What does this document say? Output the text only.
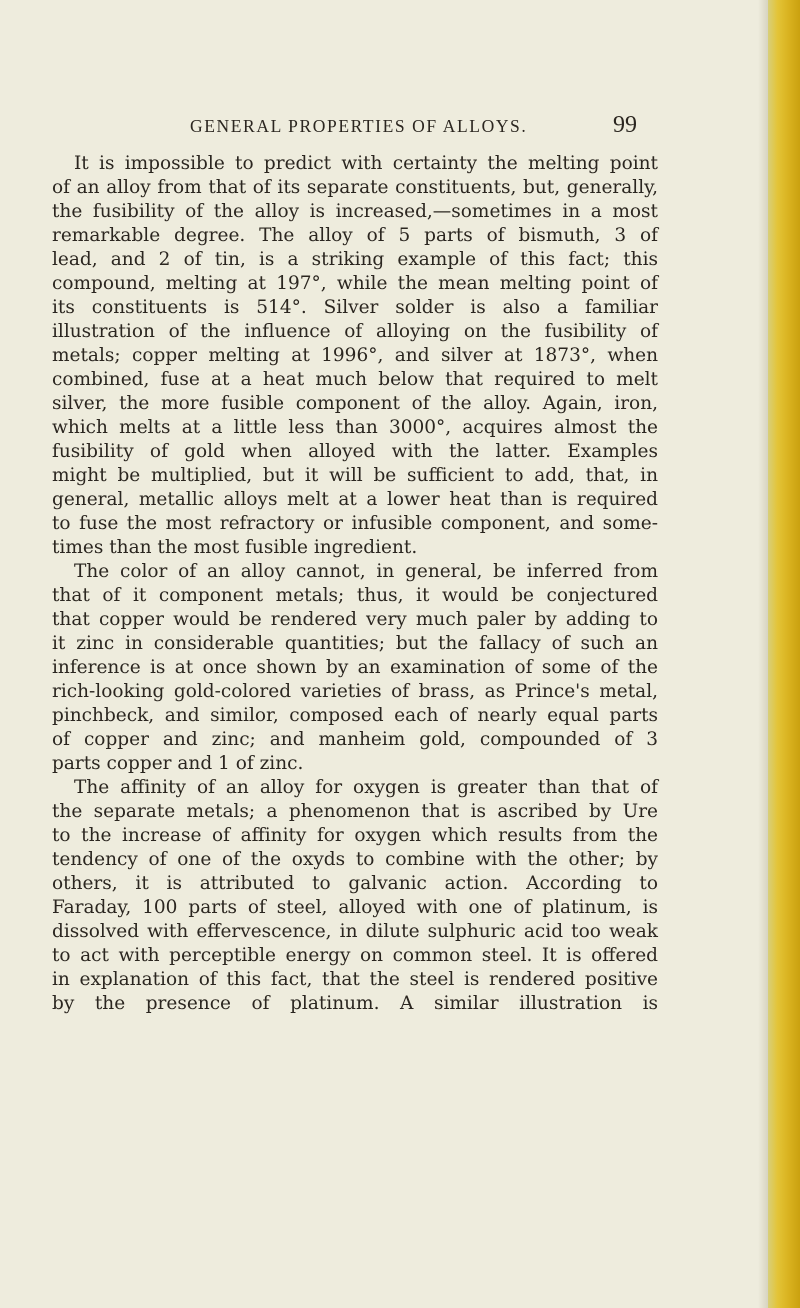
GENERAL PROPERTIES OF ALLOYS.	99
It is impossible to predict with certainty the melting point
of an alloy from that of its separate constituents, but, generally,
the fusibility of the alloy is increased,—sometimes in a most
remarkable degree. The alloy of 5 parts of bismuth, 3 of
lead, and 2 of tin, is a striking example of this fact; this
compound, melting at 197°, while the mean melting point of
its constituents is 514°. Silver solder is also a familiar
illustration of the influence of alloying on the fusibility of
metals; copper melting at 1996°, and silver at 1873°, when
combined, fuse at a heat much below that required to melt
silver, the more fusible component of the alloy. Again, iron,
which melts at a little less than 3000°, acquires almost the
fusibility of gold when alloyed with the latter. Examples
might be multiplied, but it will be sufficient to add, that, in
general, metallic alloys melt at a lower heat than is required
to fuse the most refractory or infusible component, and some-
times than the most fusible ingredient.
The color of an alloy cannot, in general, be inferred from
that of it component metals; thus, it would be conjectured
that copper would be rendered very much paler by adding to
it zinc in considerable quantities; but the fallacy of such an
inference is at once shown by an examination of some of the
rich-looking gold-colored varieties of brass, as Prince's metal,
pinchbeck, and similor, composed each of nearly equal parts
of copper and zinc; and manheim gold, compounded of 3
parts copper and 1 of zinc.
The affinity of an alloy for oxygen is greater than that of
the separate metals; a phenomenon that is ascribed by Ure
to the increase of affinity for oxygen which results from the
tendency of one of the oxyds to combine with the other; by
others, it is attributed to galvanic action. According to
Faraday, 100 parts of steel, alloyed with one of platinum, is
dissolved with effervescence, in dilute sulphuric acid too weak
to act with perceptible energy on common steel. It is offered
in explanation of this fact, that the steel is rendered positive
by the presence of platinum. A similar illustration is
